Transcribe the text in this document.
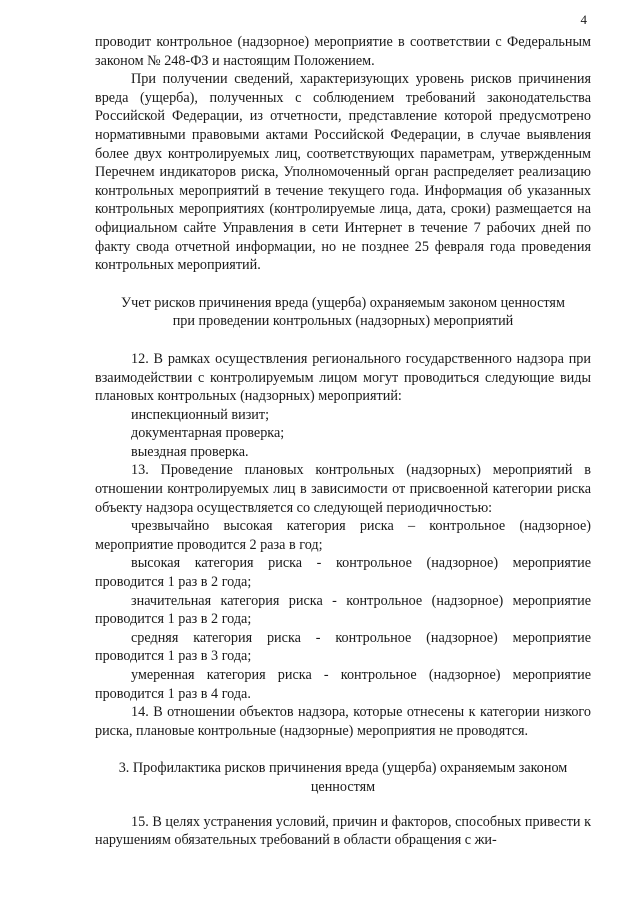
4

проводит контрольное (надзорное) мероприятие в соответствии с Федеральным законом № 248-ФЗ и настоящим Положением.

При получении сведений, характеризующих уровень рисков причинения вреда (ущерба), полученных с соблюдением требований законодательства Российской Федерации, из отчетности, представление которой предусмотрено нормативными правовыми актами Российской Федерации, в случае выявления более двух контролируемых лиц, соответствующих параметрам, утвержденным Перечнем индикаторов риска, Уполномоченный орган распределяет реализацию контрольных мероприятий в течение текущего года. Информация об указанных контрольных мероприятиях (контролируемые лица, дата, сроки) размещается на официальном сайте Управления в сети Интернет в течение 7 рабочих дней по факту свода отчетной информации, но не позднее 25 февраля года проведения контрольных мероприятий.

Учет рисков причинения вреда (ущерба) охраняемым законом ценностям при проведении контрольных (надзорных) мероприятий

12. В рамках осуществления регионального государственного надзора при взаимодействии с контролируемым лицом могут проводиться следующие виды плановых контрольных (надзорных) мероприятий:

инспекционный визит;

документарная проверка;

выездная проверка.

13. Проведение плановых контрольных (надзорных) мероприятий в отношении контролируемых лиц в зависимости от присвоенной категории риска объекту надзора осуществляется со следующей периодичностью:

чрезвычайно высокая категория риска – контрольное (надзорное) мероприятие проводится 2 раза в год;

высокая категория риска - контрольное (надзорное) мероприятие проводится 1 раз в 2 года;

значительная категория риска - контрольное (надзорное) мероприятие проводится 1 раз в 2 года;

средняя категория риска - контрольное (надзорное) мероприятие проводится 1 раз в 3 года;

умеренная категория риска - контрольное (надзорное) мероприятие проводится 1 раз в 4 года.

14. В отношении объектов надзора, которые отнесены к категории низкого риска, плановые контрольные (надзорные) мероприятия не проводятся.

3. Профилактика рисков причинения вреда (ущерба) охраняемым законом ценностям

15. В целях устранения условий, причин и факторов, способных привести к нарушениям обязательных требований в области обращения с жи-
